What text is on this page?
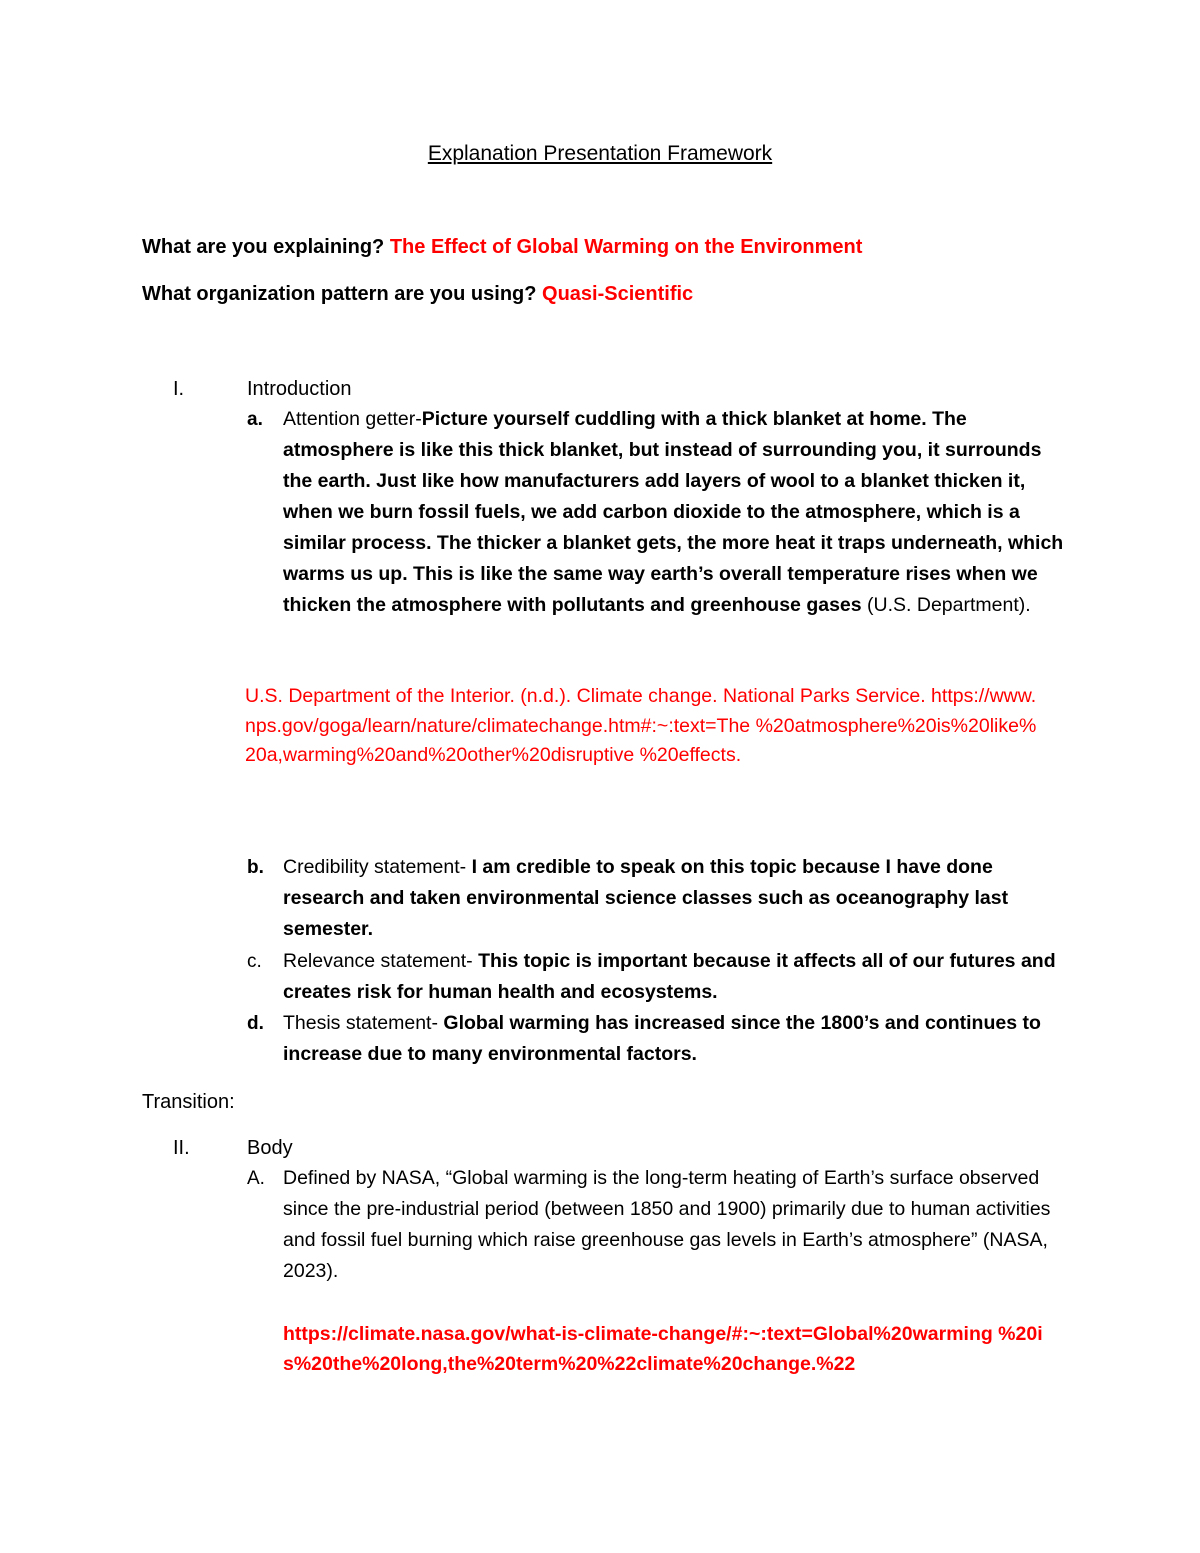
Explanation Presentation Framework
What are you explaining? The Effect of Global Warming on the Environment
What organization pattern are you using? Quasi-Scientific
I.	Introduction
a. Attention getter-Picture yourself cuddling with a thick blanket at home. The atmosphere is like this thick blanket, but instead of surrounding you, it surrounds the earth. Just like how manufacturers add layers of wool to a blanket thicken it, when we burn fossil fuels, we add carbon dioxide to the atmosphere, which is a similar process. The thicker a blanket gets, the more heat it traps underneath, which warms us up. This is like the same way earth’s overall temperature rises when we thicken the atmosphere with pollutants and greenhouse gases (U.S. Department).
U.S. Department of the Interior. (n.d.). Climate change. National Parks Service. https://www.nps.gov/goga/learn/nature/climatechange.htm#:~:text=The %20atmosphere%20is%20like%20a,warming%20and%20other%20disruptive %20effects.
b. Credibility statement- I am credible to speak on this topic because I have done research and taken environmental science classes such as oceanography last semester.
c. Relevance statement- This topic is important because it affects all of our futures and creates risk for human health and ecosystems.
d. Thesis statement- Global warming has increased since the 1800’s and continues to increase due to many environmental factors.
Transition:
II.	Body
A. Defined by NASA, “Global warming is the long-term heating of Earth’s surface observed since the pre-industrial period (between 1850 and 1900) primarily due to human activities and fossil fuel burning which raise greenhouse gas levels in Earth’s atmosphere” (NASA, 2023).
https://climate.nasa.gov/what-is-climate-change/#:~:text=Global%20warming %20is%20the%20long,the%20term%20%22climate%20change.%22
